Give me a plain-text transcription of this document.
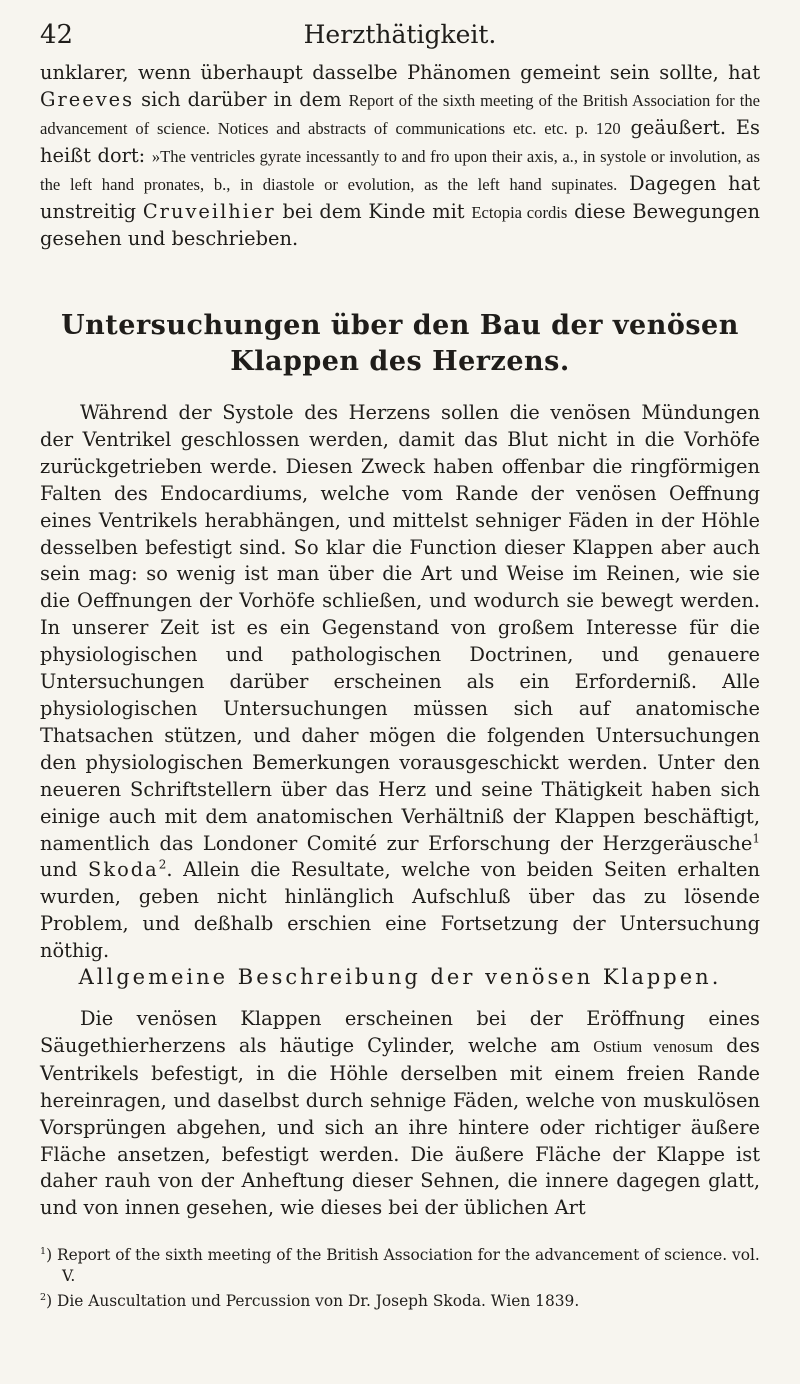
42	Herzthätigkeit.

unklarer, wenn überhaupt dasselbe Phänomen gemeint sein sollte, hat Greeves sich darüber in dem Report of the sixth meeting of the British Association for the advancement of science. Notices and abstracts of communications etc. etc. p. 120 geäußert. Es heißt dort: »The ventricles gyrate incessantly to and fro upon their axis, a., in systole or involution, as the left hand pronates, b., in diastole or evolution, as the left hand supinates. Dagegen hat unstreitig Cruveilhier bei dem Kinde mit Ectopia cordis diese Bewegungen gesehen und beschrieben.

Untersuchungen über den Bau der venösen Klappen des Herzens.

Während der Systole des Herzens sollen die venösen Mündungen der Ventrikel geschlossen werden, damit das Blut nicht in die Vorhöfe zurückgetrieben werde. Diesen Zweck haben offenbar die ringförmigen Falten des Endocardiums, welche vom Rande der venösen Oeffnung eines Ventrikels herabhängen, und mittelst sehniger Fäden in der Höhle desselben befestigt sind. So klar die Function dieser Klappen aber auch sein mag: so wenig ist man über die Art und Weise im Reinen, wie sie die Oeffnungen der Vorhöfe schließen, und wodurch sie bewegt werden. In unserer Zeit ist es ein Gegenstand von großem Interesse für die physiologischen und pathologischen Doctrinen, und genauere Untersuchungen darüber erscheinen als ein Erforderniß. Alle physiologischen Untersuchungen müssen sich auf anatomische Thatsachen stützen, und daher mögen die folgenden Untersuchungen den physiologischen Bemerkungen vorausgeschickt werden. Unter den neueren Schriftstellern über das Herz und seine Thätigkeit haben sich einige auch mit dem anatomischen Verhältniß der Klappen beschäftigt, namentlich das Londoner Comité zur Erforschung der Herzgeräusche$^1$ und Skoda$^2$. Allein die Resultate, welche von beiden Seiten erhalten wurden, geben nicht hinlänglich Aufschluß über das zu lösende Problem, und deßhalb erschien eine Fortsetzung der Untersuchung nöthig.

Allgemeine Beschreibung der venösen Klappen.

Die venösen Klappen erscheinen bei der Eröffnung eines Säugethierherzens als häutige Cylinder, welche am Ostium venosum des Ventrikels befestigt, in die Höhle derselben mit einem freien Rande hereinragen, und daselbst durch sehnige Fäden, welche von muskulösen Vorsprüngen abgehen, und sich an ihre hintere oder richtiger äußere Fläche ansetzen, befestigt werden. Die äußere Fläche der Klappe ist daher rauh von der Anheftung dieser Sehnen, die innere dagegen glatt, und von innen gesehen, wie dieses bei der üblichen Art

$^1$) Report of the sixth meeting of the British Association for the advancement of science. vol. V.

$^2$) Die Auscultation und Percussion von Dr. Joseph Skoda. Wien 1839.
